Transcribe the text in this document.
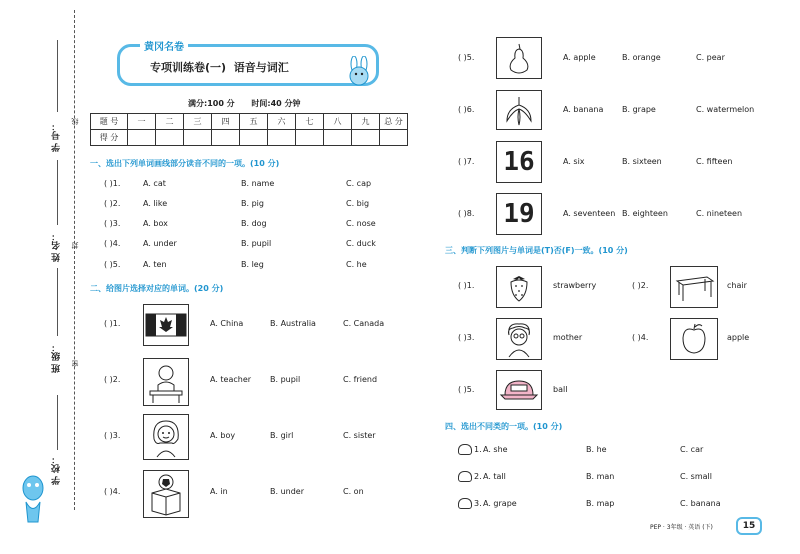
学 号：
线
姓 名： 封
班 级： 密
学 校：
黄冈名卷
专项训练卷(一)  语音与词汇
满分:100 分      时间:40 分钟
题 号	一	二	三	四	五	六	七	八	九	总 分
得 分										
一、选出下列单词画线部分读音不同的一项。(10 分)
( )1.	A. cat	B. name	C. cap
( )2.	A. like	B. pig	C. big
( )3.	A. box	B. dog	C. nose
( )4.	A. under	B. pupil	C. duck
( )5.	A. ten	B. leg	C. he
二、给图片选择对应的单词。(20 分)
( )1.	A. China	B. Australia	C. Canada
( )2.	A. teacher B. pupil	C. friend
( )3.	A. boy	B. girl	C. sister
( )4.	A. in	B. under	C. on
16
19
( )5.	A. apple	B. orange	C. pear
( )6.	A. banana B. grape	C. watermelon
( )7.	A. six	B. sixteen	C. fifteen
( )8.	A. seventeen B. eighteen	C. nineteen
三、判断下列图片与单词是(T)否(F)一致。(10 分)
( )1.	strawberry	( )2.	chair
( )3.	mother	( )4.	apple
( )5.	ball
四、选出不同类的一项。(10 分)
1. A. she	B. he	C. car
2. A. tall	B. man	C. small
3. A. grape	B. map	C. banana
PEP · 3年级 · 英语 (下)	15
